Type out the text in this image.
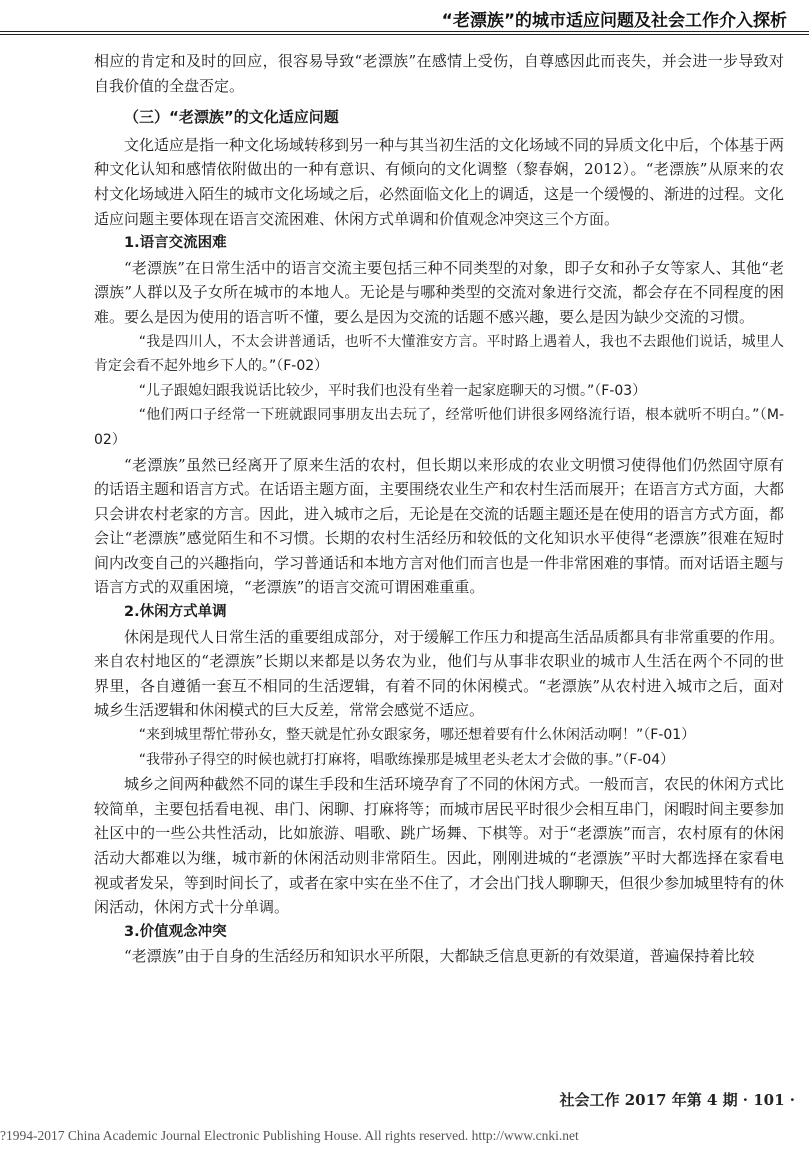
“老漂族”的城市适应问题及社会工作介入探析

相应的肯定和及时的回应，很容易导致“老漂族”在感情上受伤，自尊感因此而丧失，并会进一步导致对自我价值的全盘否定。

（三）“老漂族”的文化适应问题

文化适应是指一种文化场域转移到另一种与其当初生活的文化场域不同的异质文化中后，个体基于两种文化认知和感情依附做出的一种有意识、有倾向的文化调整（黎春娴，2012）。“老漂族”从原来的农村文化场域进入陌生的城市文化场域之后，必然面临文化上的调适，这是一个缓慢的、渐进的过程。文化适应问题主要体现在语言交流困难、休闲方式单调和价值观念冲突这三个方面。

1.语言交流困难

“老漂族”在日常生活中的语言交流主要包括三种不同类型的对象，即子女和孙子女等家人、其他“老漂族”人群以及子女所在城市的本地人。无论是与哪种类型的交流对象进行交流，都会存在不同程度的困难。要么是因为使用的语言听不懂，要么是因为交流的话题不感兴趣，要么是因为缺少交流的习惯。

“我是四川人，不太会讲普通话，也听不大懂淮安方言。平时路上遇着人，我也不去跟他们说话，城里人肯定会看不起外地乡下人的。”（F-02）

“儿子跟媳妇跟我说话比较少，平时我们也没有坐着一起家庭聊天的习惯。”（F-03）

“他们两口子经常一下班就跟同事朋友出去玩了，经常听他们讲很多网络流行语，根本就听不明白。”（M-02）

“老漂族”虽然已经离开了原来生活的农村，但长期以来形成的农业文明惯习使得他们仍然固守原有的话语主题和语言方式。在话语主题方面，主要围绕农业生产和农村生活而展开；在语言方式方面，大都只会讲农村老家的方言。因此，进入城市之后，无论是在交流的话题主题还是在使用的语言方式方面，都会让“老漂族”感觉陌生和不习惯。长期的农村生活经历和较低的文化知识水平使得“老漂族”很难在短时间内改变自己的兴趣指向，学习普通话和本地方言对他们而言也是一件非常困难的事情。而对话语主题与语言方式的双重困境，“老漂族”的语言交流可谓困难重重。

2.休闲方式单调

休闲是现代人日常生活的重要组成部分，对于缓解工作压力和提高生活品质都具有非常重要的作用。来自农村地区的“老漂族”长期以来都是以务农为业，他们与从事非农职业的城市人生活在两个不同的世界里，各自遵循一套互不相同的生活逻辑，有着不同的休闲模式。“老漂族”从农村进入城市之后，面对城乡生活逻辑和休闲模式的巨大反差，常常会感觉不适应。

“来到城里帮忙带孙女，整天就是忙孙女跟家务，哪还想着要有什么休闲活动啊！”（F-01）

“我带孙子得空的时候也就打打麻将，唱歌练操那是城里老头老太才会做的事。”（F-04）

城乡之间两种截然不同的谋生手段和生活环境孕育了不同的休闲方式。一般而言，农民的休闲方式比较简单，主要包括看电视、串门、闲聊、打麻将等；而城市居民平时很少会相互串门，闲暇时间主要参加社区中的一些公共性活动，比如旅游、唱歌、跳广场舞、下棋等。对于“老漂族”而言，农村原有的休闲活动大都难以为继，城市新的休闲活动则非常陌生。因此，刚刚进城的“老漂族”平时大都选择在家看电视或者发呆，等到时间长了，或者在家中实在坐不住了，才会出门找人聊聊天，但很少参加城里特有的休闲活动，休闲方式十分单调。

3.价值观念冲突

“老漂族”由于自身的生活经历和知识水平所限，大都缺乏信息更新的有效渠道，普遍保持着比较

社会工作 2017 年第 4 期 · 101 ·
?1994-2017 China Academic Journal Electronic Publishing House. All rights reserved. http://www.cnki.net
